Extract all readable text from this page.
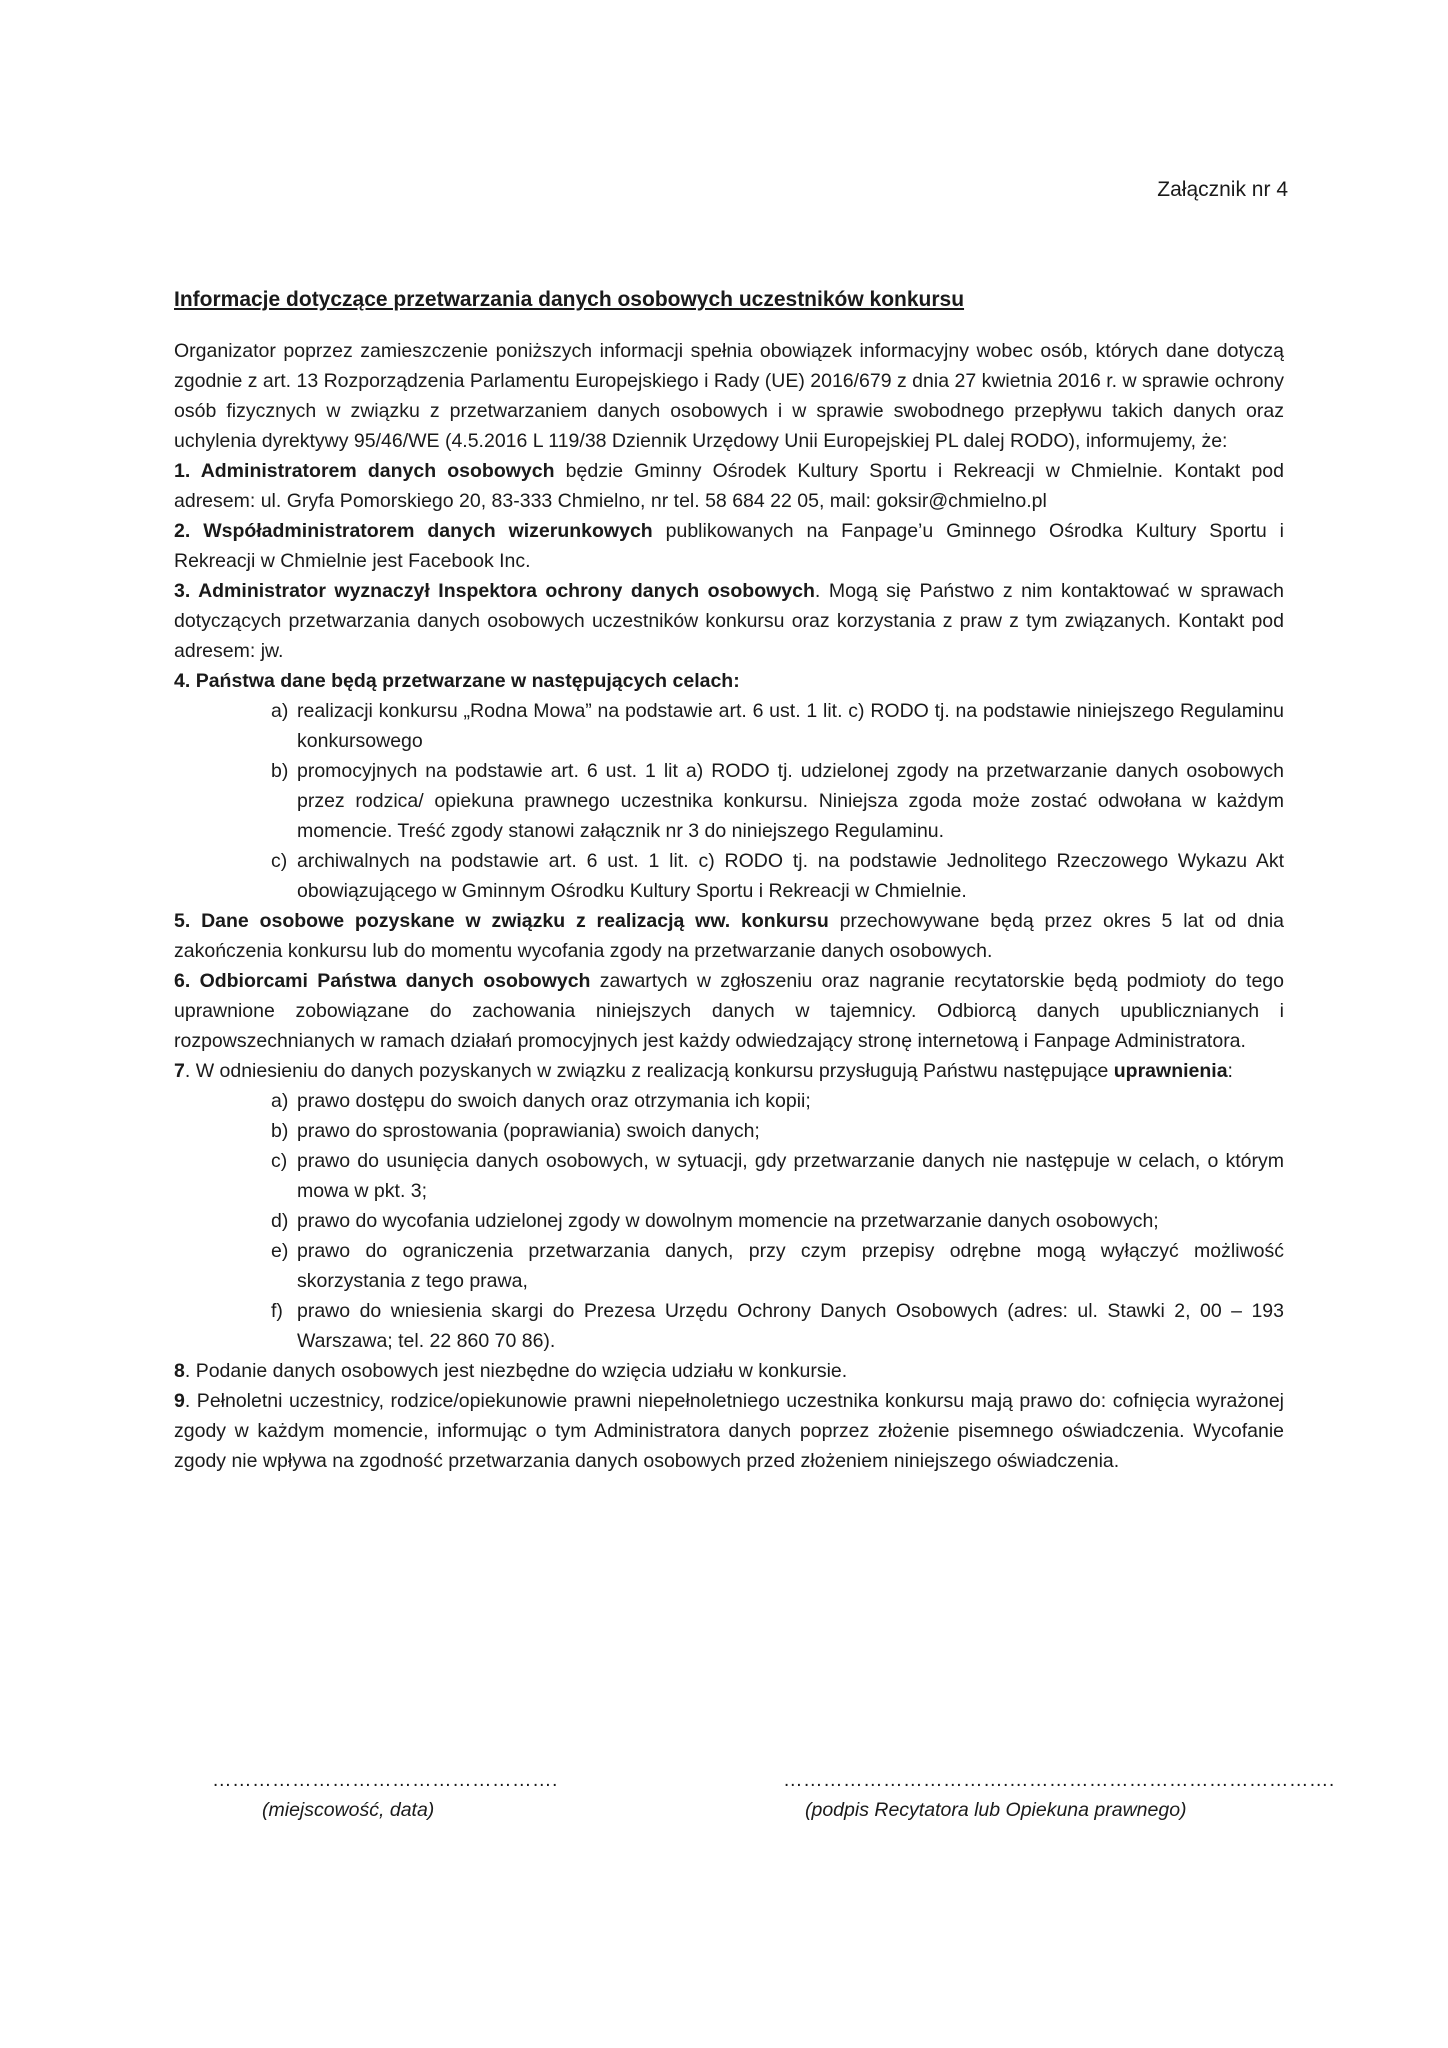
Załącznik nr 4
Informacje dotyczące przetwarzania danych osobowych uczestników konkursu

Organizator poprzez zamieszczenie poniższych informacji spełnia obowiązek informacyjny wobec osób, których dane dotyczą zgodnie z art. 13 Rozporządzenia Parlamentu Europejskiego i Rady (UE) 2016/679 z dnia 27 kwietnia 2016 r. w sprawie ochrony osób fizycznych w związku z przetwarzaniem danych osobowych i w sprawie swobodnego przepływu takich danych oraz uchylenia dyrektywy 95/46/WE (4.5.2016 L 119/38 Dziennik Urzędowy Unii Europejskiej PL dalej RODO), informujemy, że:

1. Administratorem danych osobowych będzie Gminny Ośrodek Kultury Sportu i Rekreacji w Chmielnie. Kontakt pod adresem: ul. Gryfa Pomorskiego 20, 83-333 Chmielno, nr tel. 58 684 22 05, mail: goksir@chmielno.pl

2. Współadministratorem danych wizerunkowych publikowanych na Fanpage’u Gminnego Ośrodka Kultury Sportu i Rekreacji w Chmielnie jest Facebook Inc.

3. Administrator wyznaczył Inspektora ochrony danych osobowych. Mogą się Państwo z nim kontaktować w sprawach dotyczących przetwarzania danych osobowych uczestników konkursu oraz korzystania z praw z tym związanych. Kontakt pod adresem: jw.

4. Państwa dane będą przetwarzane w następujących celach:

a) realizacji konkursu „Rodna Mowa” na podstawie art. 6 ust. 1 lit. c) RODO tj. na podstawie niniejszego Regulaminu konkursowego

b) promocyjnych na podstawie art. 6 ust. 1 lit a) RODO tj. udzielonej zgody na przetwarzanie danych osobowych przez rodzica/ opiekuna prawnego uczestnika konkursu. Niniejsza zgoda może zostać odwołana w każdym momencie. Treść zgody stanowi załącznik nr 3 do niniejszego Regulaminu.

c) archiwalnych na podstawie art. 6 ust. 1 lit. c) RODO tj. na podstawie Jednolitego Rzeczowego Wykazu Akt obowiązującego w Gminnym Ośrodku Kultury Sportu i Rekreacji w Chmielnie.

5. Dane osobowe pozyskane w związku z realizacją ww. konkursu przechowywane będą przez okres 5 lat od dnia zakończenia konkursu lub do momentu wycofania zgody na przetwarzanie danych osobowych.

6. Odbiorcami Państwa danych osobowych zawartych w zgłoszeniu oraz nagranie recytatorskie będą podmioty do tego uprawnione zobowiązane do zachowania niniejszych danych w tajemnicy. Odbiorcą danych upublicznianych i rozpowszechnianych w ramach działań promocyjnych jest każdy odwiedzający stronę internetową i Fanpage Administratora.

7. W odniesieniu do danych pozyskanych w związku z realizacją konkursu przysługują Państwu następujące uprawnienia:

a) prawo dostępu do swoich danych oraz otrzymania ich kopii;

b) prawo do sprostowania (poprawiania) swoich danych;

c) prawo do usunięcia danych osobowych, w sytuacji, gdy przetwarzanie danych nie następuje w celach, o którym mowa w pkt. 3;

d) prawo do wycofania udzielonej zgody w dowolnym momencie na przetwarzanie danych osobowych;

e) prawo do ograniczenia przetwarzania danych, przy czym przepisy odrębne mogą wyłączyć możliwość skorzystania z tego prawa,

f) prawo do wniesienia skargi do Prezesa Urzędu Ochrony Danych Osobowych (adres: ul. Stawki 2, 00 – 193 Warszawa; tel. 22 860 70 86).

8. Podanie danych osobowych jest niezbędne do wzięcia udziału w konkursie.

9. Pełnoletni uczestnicy, rodzice/opiekunowie prawni niepełnoletniego uczestnika konkursu mają prawo do: cofnięcia wyrażonej zgody w każdym momencie, informując o tym Administratora danych poprzez złożenie pisemnego oświadczenia. Wycofanie zgody nie wpływa na zgodność przetwarzania danych osobowych przed złożeniem niniejszego oświadczenia.

…………………………………………….
(miejscowość, data)
…………………………….………………………………………….
(podpis Recytatora lub Opiekuna prawnego)
